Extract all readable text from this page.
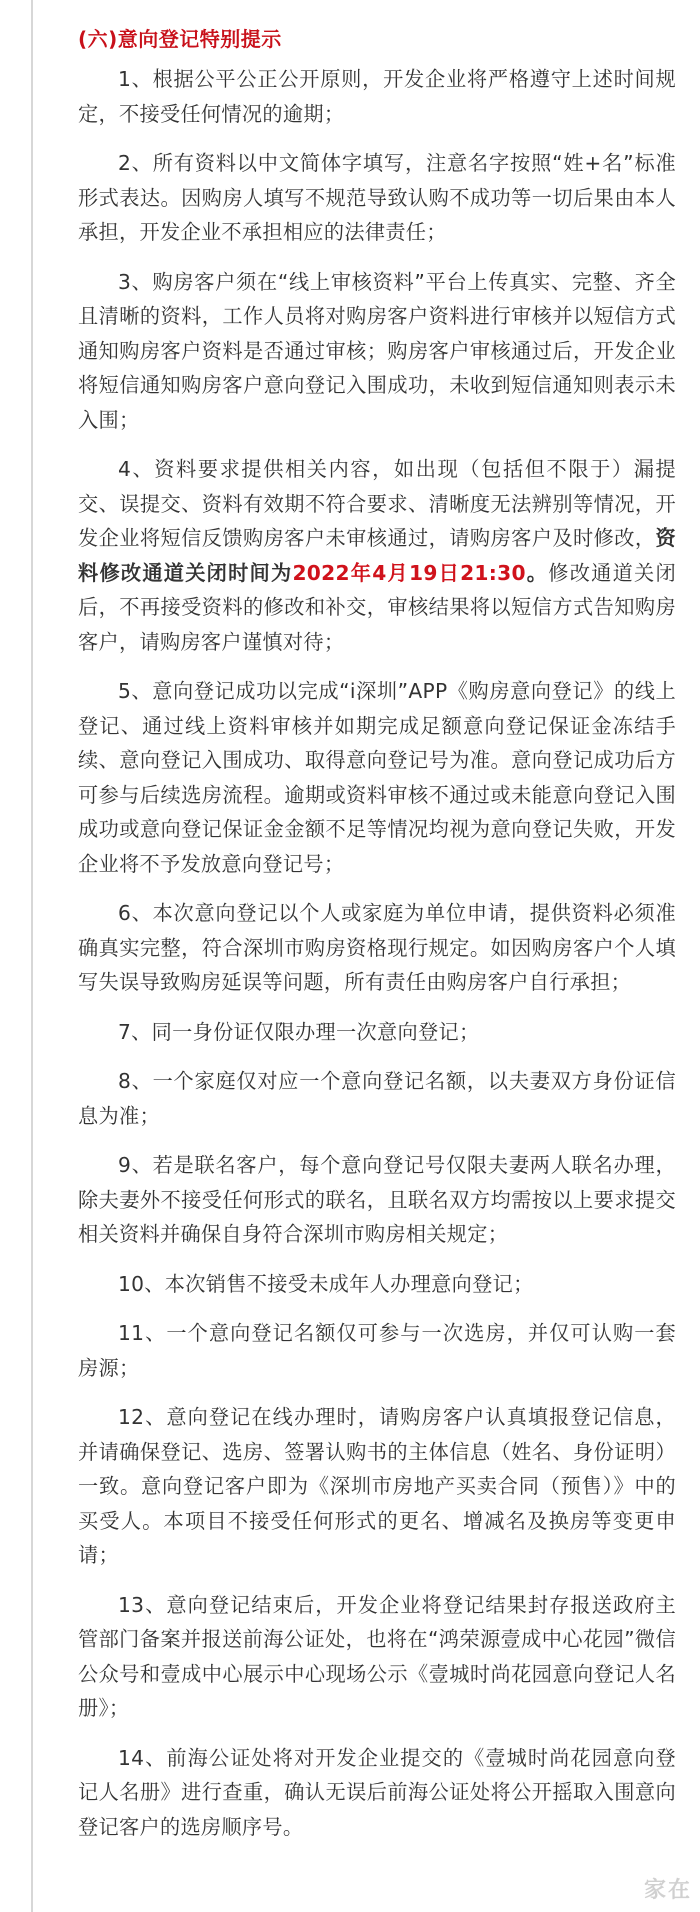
(六)意向登记特别提示

1、根据公平公正公开原则，开发企业将严格遵守上述时间规定，不接受任何情况的逾期；

2、所有资料以中文简体字填写，注意名字按照“姓+名”标准形式表达。因购房人填写不规范导致认购不成功等一切后果由本人承担，开发企业不承担相应的法律责任；

3、购房客户须在“线上审核资料”平台上传真实、完整、齐全且清晰的资料，工作人员将对购房客户资料进行审核并以短信方式通知购房客户资料是否通过审核；购房客户审核通过后，开发企业将短信通知购房客户意向登记入围成功，未收到短信通知则表示未入围；

4、资料要求提供相关内容，如出现（包括但不限于）漏提交、误提交、资料有效期不符合要求、清晰度无法辨别等情况，开发企业将短信反馈购房客户未审核通过，请购房客户及时修改，资料修改通道关闭时间为2022年4月19日21:30。修改通道关闭后，不再接受资料的修改和补交，审核结果将以短信方式告知购房客户，请购房客户谨慎对待；

5、意向登记成功以完成“i深圳”APP《购房意向登记》的线上登记、通过线上资料审核并如期完成足额意向登记保证金冻结手续、意向登记入围成功、取得意向登记号为准。意向登记成功后方可参与后续选房流程。逾期或资料审核不通过或未能意向登记入围成功或意向登记保证金金额不足等情况均视为意向登记失败，开发企业将不予发放意向登记号；

6、本次意向登记以个人或家庭为单位申请，提供资料必须准确真实完整，符合深圳市购房资格现行规定。如因购房客户个人填写失误导致购房延误等问题，所有责任由购房客户自行承担；

7、同一身份证仅限办理一次意向登记；

8、一个家庭仅对应一个意向登记名额，以夫妻双方身份证信息为准；

9、若是联名客户，每个意向登记号仅限夫妻两人联名办理，除夫妻外不接受任何形式的联名，且联名双方均需按以上要求提交相关资料并确保自身符合深圳市购房相关规定；

10、本次销售不接受未成年人办理意向登记；

11、一个意向登记名额仅可参与一次选房，并仅可认购一套房源；

12、意向登记在线办理时，请购房客户认真填报登记信息，并请确保登记、选房、签署认购书的主体信息（姓名、身份证明）一致。意向登记客户即为《深圳市房地产买卖合同（预售）》中的买受人。本项目不接受任何形式的更名、增减名及换房等变更申请；

13、意向登记结束后，开发企业将登记结果封存报送政府主管部门备案并报送前海公证处，也将在“鸿荣源壹成中心花园”微信公众号和壹成中心展示中心现场公示《壹城时尚花园意向登记人名册》；

14、前海公证处将对开发企业提交的《壹城时尚花园意向登记人名册》进行查重，确认无误后前海公证处将公开摇取入围意向登记客户的选房顺序号。

家在
